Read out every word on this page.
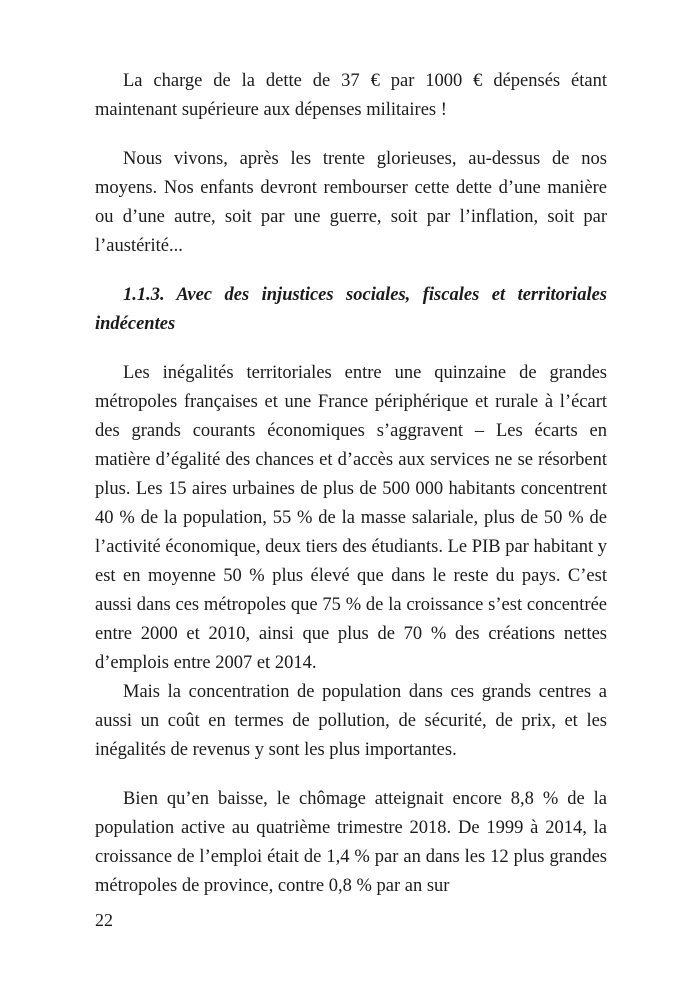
La charge de la dette de 37 € par 1000 € dépensés étant maintenant supérieure aux dépenses militaires !

Nous vivons, après les trente glorieuses, au-dessus de nos moyens. Nos enfants devront rembourser cette dette d’une manière ou d’une autre, soit par une guerre, soit par l’inflation, soit par l’austérité...

1.1.3. Avec des injustices sociales, fiscales et territoriales indécentes

Les inégalités territoriales entre une quinzaine de grandes métropoles françaises et une France périphérique et rurale à l’écart des grands courants économiques s’aggravent – Les écarts en matière d’égalité des chances et d’accès aux services ne se résorbent plus. Les 15 aires urbaines de plus de 500 000 habitants concentrent 40 % de la population, 55 % de la masse salariale, plus de 50 % de l’activité économique, deux tiers des étudiants. Le PIB par habitant y est en moyenne 50 % plus élevé que dans le reste du pays. C’est aussi dans ces métropoles que 75 % de la croissance s’est concentrée entre 2000 et 2010, ainsi que plus de 70 % des créations nettes d’emplois entre 2007 et 2014.

Mais la concentration de population dans ces grands centres a aussi un coût en termes de pollution, de sécurité, de prix, et les inégalités de revenus y sont les plus importantes.

Bien qu’en baisse, le chômage atteignait encore 8,8 % de la population active au quatrième trimestre 2018. De 1999 à 2014, la croissance de l’emploi était de 1,4 % par an dans les 12 plus grandes métropoles de province, contre 0,8 % par an sur

22
